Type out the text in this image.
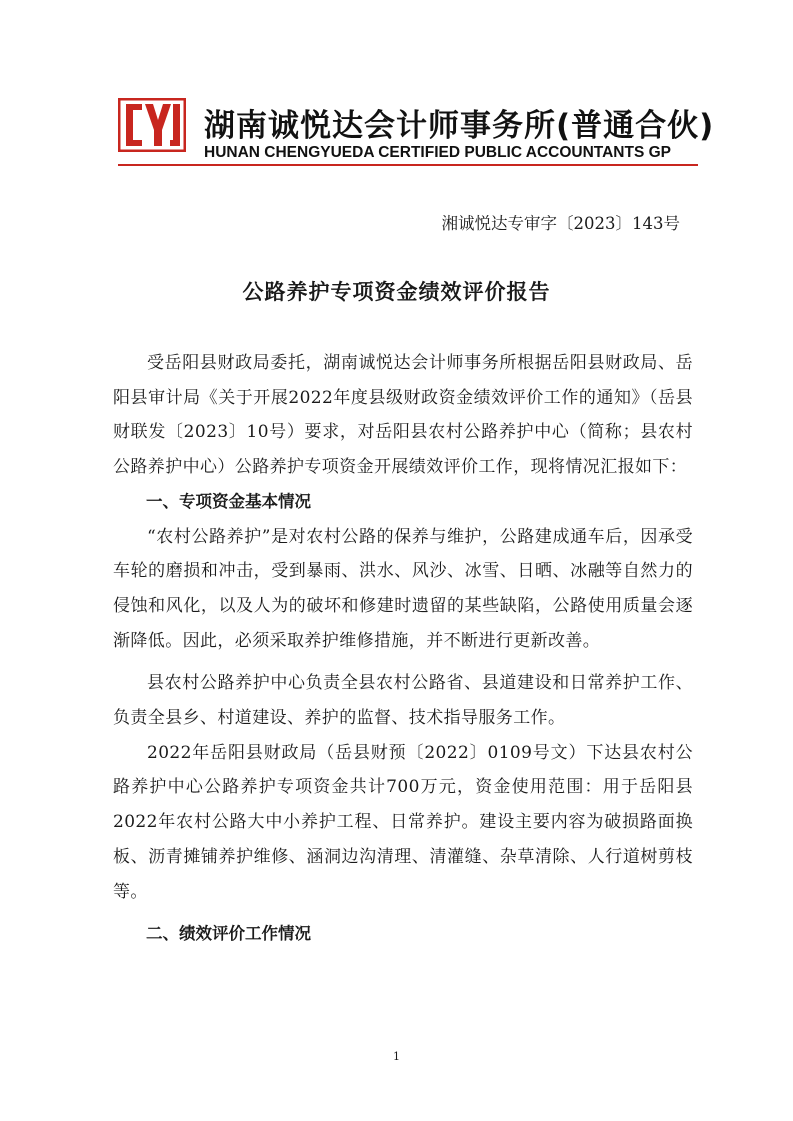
湖南诚悦达会计师事务所(普通合伙)
HUNAN CHENGYUEDA CERTIFIED PUBLIC ACCOUNTANTS GP
湘诚悦达专审字〔2023〕143号
公路养护专项资金绩效评价报告

受岳阳县财政局委托，湖南诚悦达会计师事务所根据岳阳县财政局、岳阳县审计局《关于开展2022年度县级财政资金绩效评价工作的通知》（岳县财联发〔2023〕10号）要求，对岳阳县农村公路养护中心（简称；县农村公路养护中心）公路养护专项资金开展绩效评价工作，现将情况汇报如下：

一、专项资金基本情况

“农村公路养护”是对农村公路的保养与维护，公路建成通车后，因承受车轮的磨损和冲击，受到暴雨、洪水、风沙、冰雪、日晒、冰融等自然力的侵蚀和风化，以及人为的破坏和修建时遗留的某些缺陷，公路使用质量会逐渐降低。因此，必须采取养护维修措施，并不断进行更新改善。

县农村公路养护中心负责全县农村公路省、县道建设和日常养护工作、负责全县乡、村道建设、养护的监督、技术指导服务工作。

2022年岳阳县财政局（岳县财预〔2022〕0109号文）下达县农村公路养护中心公路养护专项资金共计700万元，资金使用范围：用于岳阳县2022年农村公路大中小养护工程、日常养护。建设主要内容为破损路面换板、沥青摊铺养护维修、涵洞边沟清理、清灌缝、杂草清除、人行道树剪枝等。

二、绩效评价工作情况

1
